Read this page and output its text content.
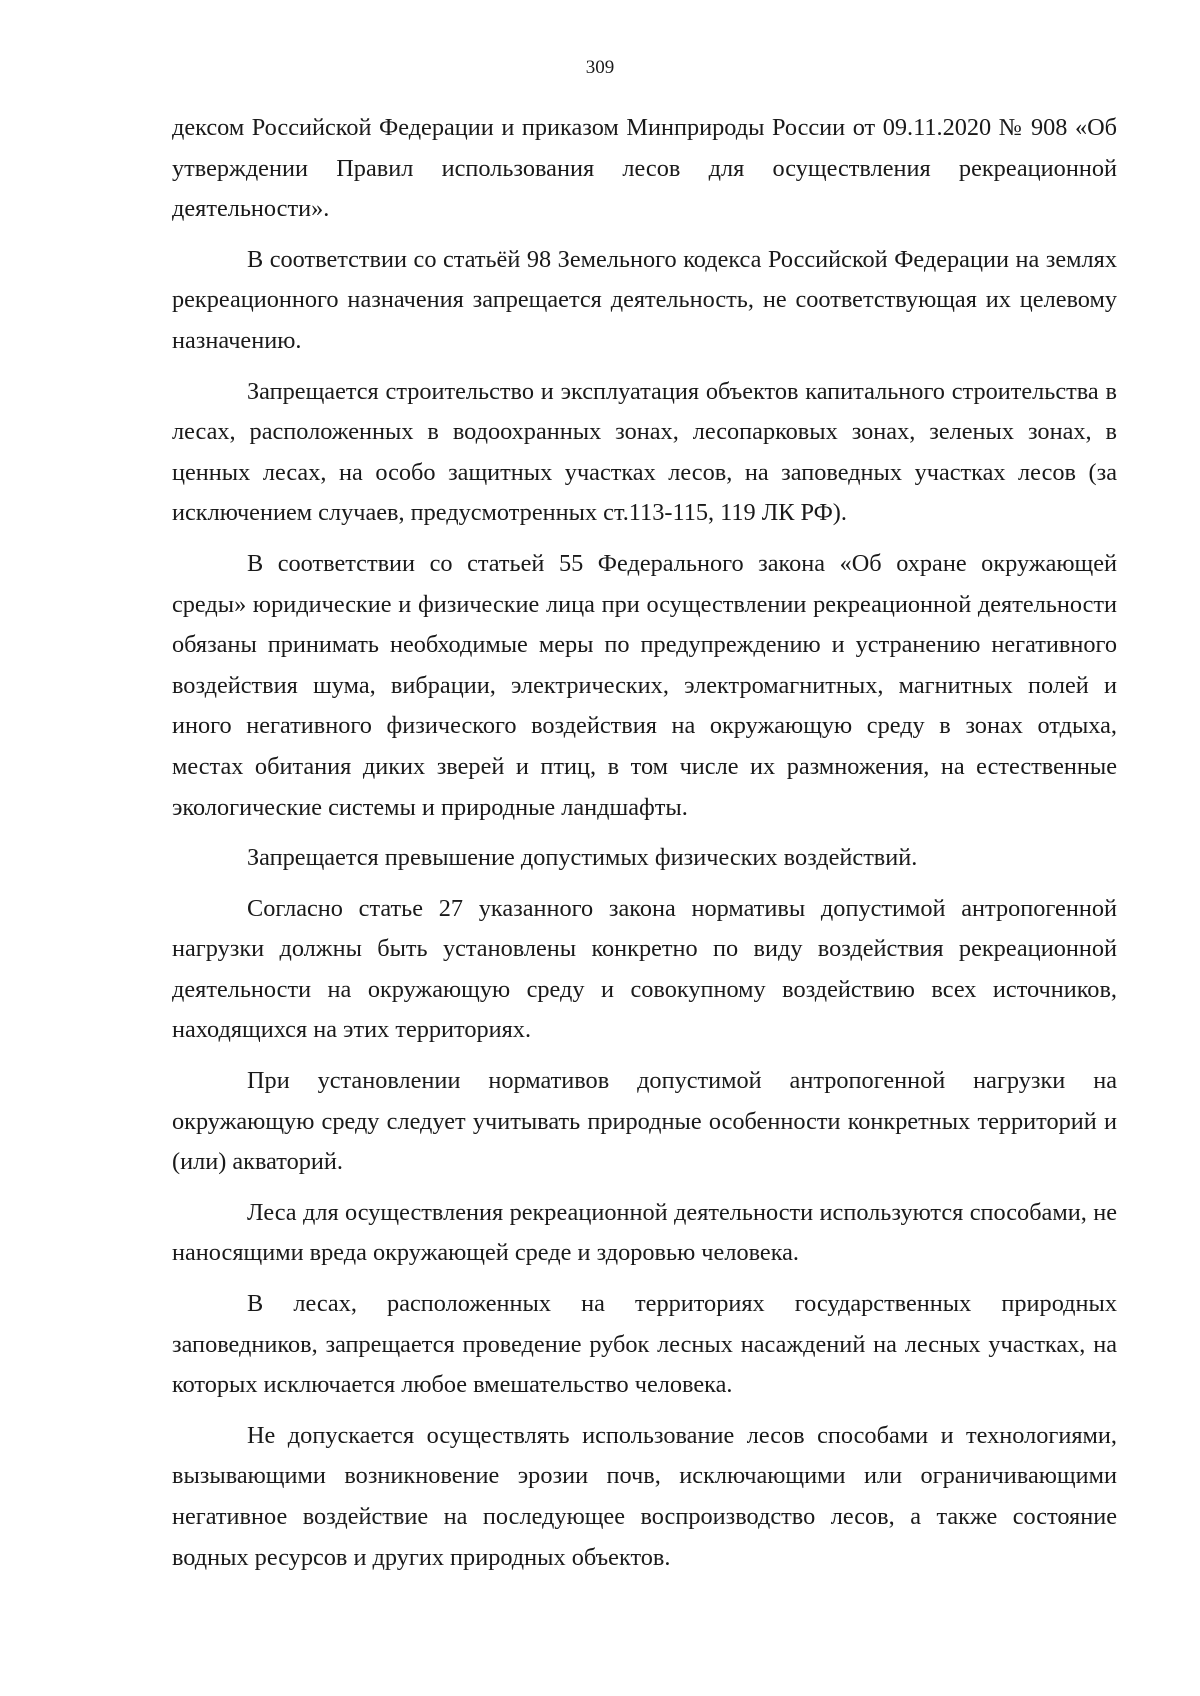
309

дексом Российской Федерации и приказом Минприроды России от 09.11.2020 № 908 «Об утверждении Правил использования лесов для осуществления рекреационной деятельности».

В соответствии со статьёй 98 Земельного кодекса Российской Федерации на землях рекреационного назначения запрещается деятельность, не соответствующая их целевому назначению.

Запрещается строительство и эксплуатация объектов капитального строительства в лесах, расположенных в водоохранных зонах, лесопарковых зонах, зеленых зонах, в ценных лесах, на особо защитных участках лесов, на заповедных участках лесов (за исключением случаев, предусмотренных ст.113-115, 119 ЛК РФ).

В соответствии со статьей 55 Федерального закона «Об охране окружающей среды» юридические и физические лица при осуществлении рекреационной деятельности обязаны принимать необходимые меры по предупреждению и устранению негативного воздействия шума, вибрации, электрических, электромагнитных, магнитных полей и иного негативного физического воздействия на окружающую среду в зонах отдыха, местах обитания диких зверей и птиц, в том числе их размножения, на естественные экологические системы и природные ландшафты.

Запрещается превышение допустимых физических воздействий.

Согласно статье 27 указанного закона нормативы допустимой антропогенной нагрузки должны быть установлены конкретно по виду воздействия рекреационной деятельности на окружающую среду и совокупному воздействию всех источников, находящихся на этих территориях.

При установлении нормативов допустимой антропогенной нагрузки на окружающую среду следует учитывать природные особенности конкретных территорий и (или) акваторий.

Леса для осуществления рекреационной деятельности используются способами, не наносящими вреда окружающей среде и здоровью человека.

В лесах, расположенных на территориях государственных природных заповедников, запрещается проведение рубок лесных насаждений на лесных участках, на которых исключается любое вмешательство человека.

Не допускается осуществлять использование лесов способами и технологиями, вызывающими возникновение эрозии почв, исключающими или ограничивающими негативное воздействие на последующее воспроизводство лесов, а также состояние водных ресурсов и других природных объектов.
